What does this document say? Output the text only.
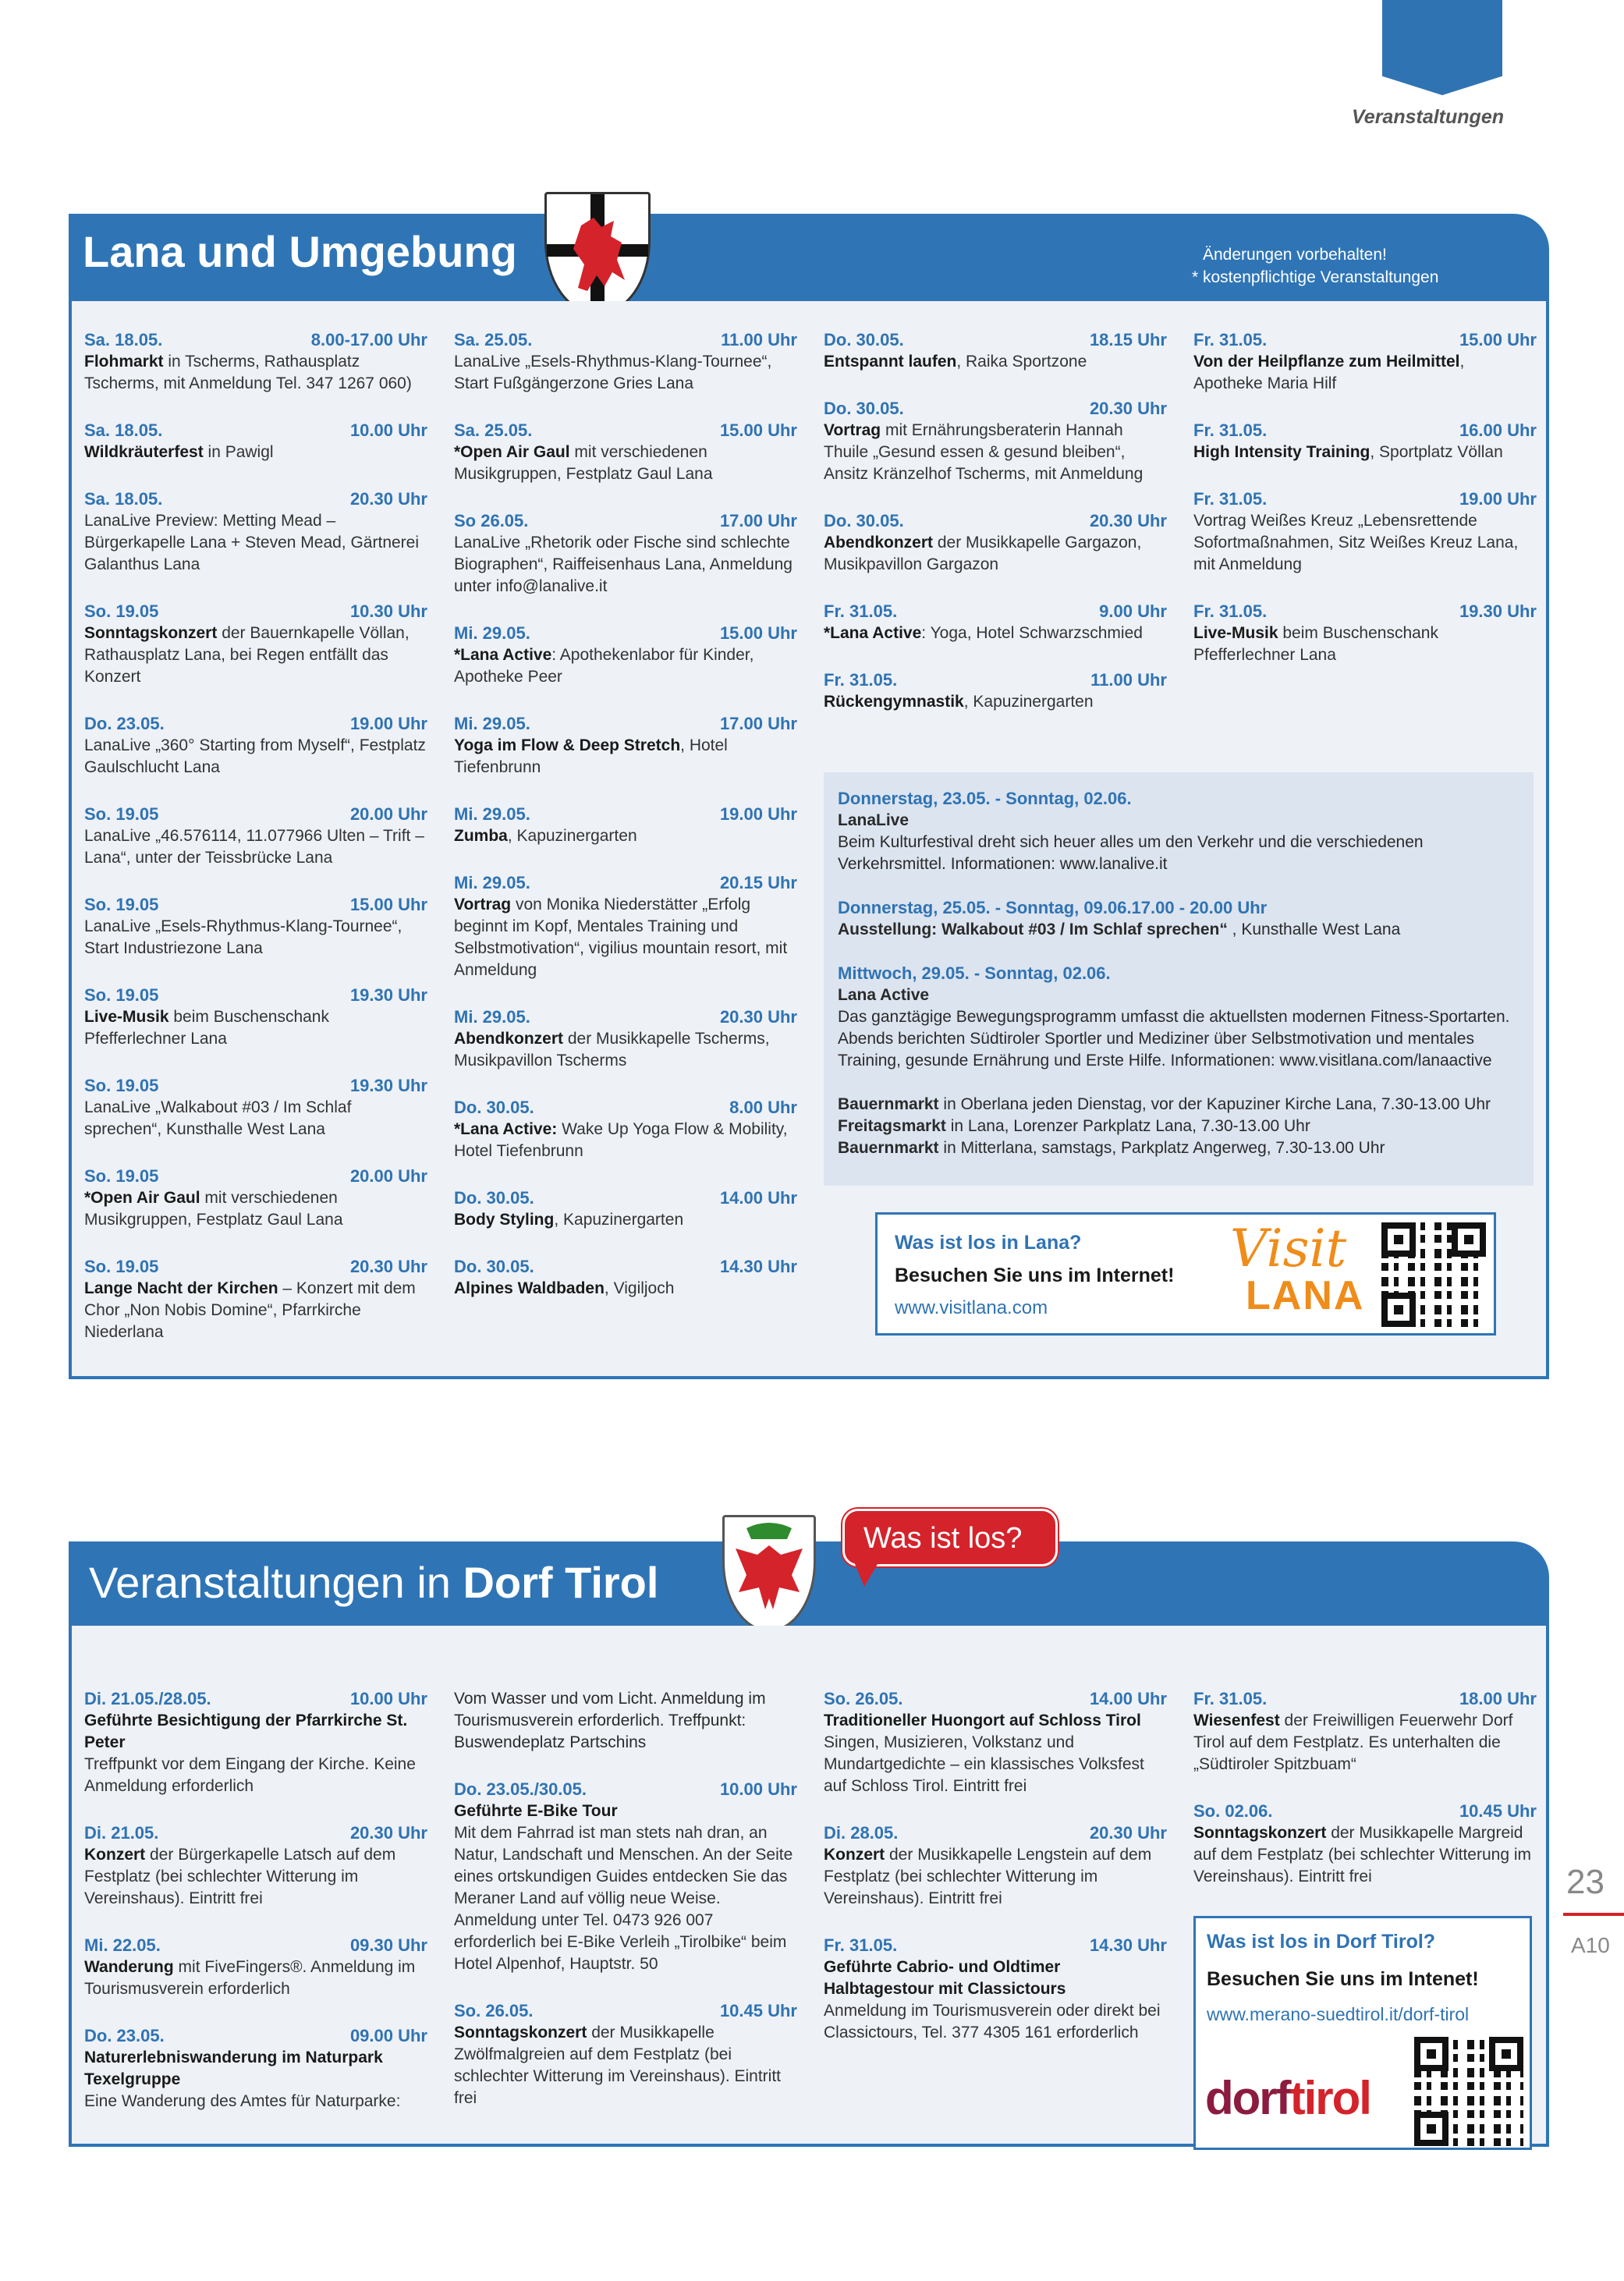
Veranstaltungen
Lana und Umgebung	Änderungen vorbehalten!
* kostenpflichtige Veranstaltungen
Sa. 18.05.	8.00-17.00 Uhr
Flohmarkt in Tscherms, Rathausplatz Tscherms, mit Anmeldung Tel. 347 1267 060)
Sa. 18.05.	10.00 Uhr
Wildkräuterfest in Pawigl
Sa. 18.05.	20.30 Uhr
LanaLive Preview: Metting Mead – Bürgerkapelle Lana + Steven Mead, Gärtnerei Galanthus Lana
So. 19.05	10.30 Uhr
Sonntagskonzert der Bauernkapelle Völlan, Rathausplatz Lana, bei Regen entfällt das Konzert
Do. 23.05.	19.00 Uhr
LanaLive „360° Starting from Myself“, Festplatz Gaulschlucht Lana
So. 19.05	20.00 Uhr
LanaLive „46.576114, 11.077966 Ulten – Trift – Lana“, unter der Teissbrücke Lana
So. 19.05	15.00 Uhr
LanaLive „Esels-Rhythmus-Klang-Tournee“, Start Industriezone Lana
So. 19.05	19.30 Uhr
Live-Musik beim Buschenschank Pfefferlechner Lana
So. 19.05	19.30 Uhr
LanaLive „Walkabout #03 / Im Schlaf sprechen“, Kunsthalle West Lana
So. 19.05	20.00 Uhr
*Open Air Gaul mit verschiedenen Musikgruppen, Festplatz Gaul Lana
So. 19.05	20.30 Uhr
Lange Nacht der Kirchen – Konzert mit dem Chor „Non Nobis Domine“, Pfarrkirche Niederlana
Sa. 25.05.	11.00 Uhr
LanaLive „Esels-Rhythmus-Klang-Tournee“, Start Fußgängerzone Gries Lana
Sa. 25.05.	15.00 Uhr
*Open Air Gaul mit verschiedenen Musikgruppen, Festplatz Gaul Lana
So 26.05.	17.00 Uhr
LanaLive „Rhetorik oder Fische sind schlechte Biographen“, Raiffeisenhaus Lana, Anmeldung unter info@lanalive.it
Mi. 29.05.	15.00 Uhr
*Lana Active: Apothekenlabor für Kinder, Apotheke Peer
Mi. 29.05.	17.00 Uhr
Yoga im Flow & Deep Stretch, Hotel Tiefenbrunn
Mi. 29.05.	19.00 Uhr
Zumba, Kapuzinergarten
Mi. 29.05.	20.15 Uhr
Vortrag von Monika Niederstätter „Erfolg beginnt im Kopf, Mentales Training und Selbstmotivation“, vigilius mountain resort, mit Anmeldung
Mi. 29.05.	20.30 Uhr
Abendkonzert der Musikkapelle Tscherms, Musikpavillon Tscherms
Do. 30.05.	8.00 Uhr
*Lana Active: Wake Up Yoga Flow & Mobility, Hotel Tiefenbrunn
Do. 30.05.	14.00 Uhr
Body Styling, Kapuzinergarten
Do. 30.05.	14.30 Uhr
Alpines Waldbaden, Vigiljoch
Do. 30.05.	18.15 Uhr
Entspannt laufen, Raika Sportzone
Do. 30.05.	20.30 Uhr
Vortrag mit Ernährungsberaterin Hannah Thuile „Gesund essen & gesund bleiben“, Ansitz Kränzelhof Tscherms, mit Anmeldung
Do. 30.05.	20.30 Uhr
Abendkonzert der Musikkapelle Gargazon, Musikpavillon Gargazon
Fr. 31.05.	9.00 Uhr
*Lana Active: Yoga, Hotel Schwarzschmied
Fr. 31.05.	11.00 Uhr
Rückengymnastik, Kapuzinergarten
Fr. 31.05.	15.00 Uhr
Von der Heilpflanze zum Heilmittel, Apotheke Maria Hilf
Fr. 31.05.	16.00 Uhr
High Intensity Training, Sportplatz Völlan
Fr. 31.05.	19.00 Uhr
Vortrag Weißes Kreuz „Lebensrettende Sofortmaßnahmen, Sitz Weißes Kreuz Lana, mit Anmeldung
Fr. 31.05.	19.30 Uhr
Live-Musik beim Buschenschank Pfefferlechner Lana
Donnerstag, 23.05. - Sonntag, 02.06.
LanaLive
Beim Kulturfestival dreht sich heuer alles um den Verkehr und die verschiedenen Verkehrsmittel. Informationen: www.lanalive.it
Donnerstag, 25.05. - Sonntag, 09.06.17.00 - 20.00 Uhr
Ausstellung: Walkabout #03 / Im Schlaf sprechen“ , Kunsthalle West Lana
Mittwoch, 29.05. - Sonntag, 02.06.
Lana Active
Das ganztägige Bewegungsprogramm umfasst die aktuellsten modernen Fitness-Sportarten. Abends berichten Südtiroler Sportler und Mediziner über Selbstmotivation und mentales Training, gesunde Ernährung und Erste Hilfe. Informationen: www.visitlana.com/lanaactive
Bauernmarkt in Oberlana jeden Dienstag, vor der Kapuziner Kirche Lana, 7.30-13.00 Uhr
Freitagsmarkt in Lana, Lorenzer Parkplatz Lana, 7.30-13.00 Uhr
Bauernmarkt in Mitterlana, samstags, Parkplatz Angerweg, 7.30-13.00 Uhr
Was ist los in Lana?
Besuchen Sie uns im Internet!
www.visitlana.com
Visit
LANA
Veranstaltungen in Dorf Tirol
Was ist los?
Di. 21.05./28.05.	10.00 Uhr
Geführte Besichtigung der Pfarrkirche St. Peter
Treffpunkt vor dem Eingang der Kirche. Keine Anmeldung erforderlich
Di. 21.05.	20.30 Uhr
Konzert der Bürgerkapelle Latsch auf dem Festplatz (bei schlechter Witterung im Vereinshaus). Eintritt frei
Mi. 22.05.	09.30 Uhr
Wanderung mit FiveFingers®. Anmeldung im Tourismusverein erforderlich
Do. 23.05.	09.00 Uhr
Naturerlebniswanderung im Naturpark Texelgruppe
Eine Wanderung des Amtes für Naturparke:
Vom Wasser und vom Licht. Anmeldung im Tourismusverein erforderlich. Treffpunkt: Buswendeplatz Partschins
Do. 23.05./30.05.	10.00 Uhr
Geführte E-Bike Tour
Mit dem Fahrrad ist man stets nah dran, an Natur, Landschaft und Menschen. An der Seite eines ortskundigen Guides entdecken Sie das Meraner Land auf völlig neue Weise. Anmeldung unter Tel. 0473 926 007 erforderlich bei E-Bike Verleih „Tirolbike“ beim Hotel Alpenhof, Hauptstr. 50
So. 26.05.	10.45 Uhr
Sonntagskonzert der Musikkapelle Zwölfmalgreien auf dem Festplatz (bei schlechter Witterung im Vereinshaus). Eintritt frei
So. 26.05.	14.00 Uhr
Traditioneller Huongort auf Schloss Tirol
Singen, Musizieren, Volkstanz und Mundartgedichte – ein klassisches Volksfest auf Schloss Tirol. Eintritt frei
Di. 28.05.	20.30 Uhr
Konzert der Musikkapelle Lengstein auf dem Festplatz (bei schlechter Witterung im Vereinshaus). Eintritt frei
Fr. 31.05.	14.30 Uhr
Geführte Cabrio- und Oldtimer Halbtagestour mit Classictours
Anmeldung im Tourismusverein oder direkt bei Classictours, Tel. 377 4305 161 erforderlich
Fr. 31.05.	18.00 Uhr
Wiesenfest der Freiwilligen Feuerwehr Dorf Tirol auf dem Festplatz. Es unterhalten die „Südtiroler Spitzbuam“
So. 02.06.	10.45 Uhr
Sonntagskonzert der Musikkapelle Margreid auf dem Festplatz (bei schlechter Witterung im Vereinshaus). Eintritt frei
Was ist los in Dorf Tirol?
Besuchen Sie uns im Intenet!
www.merano-suedtirol.it/dorf-tirol
dorftirol
23
A10
